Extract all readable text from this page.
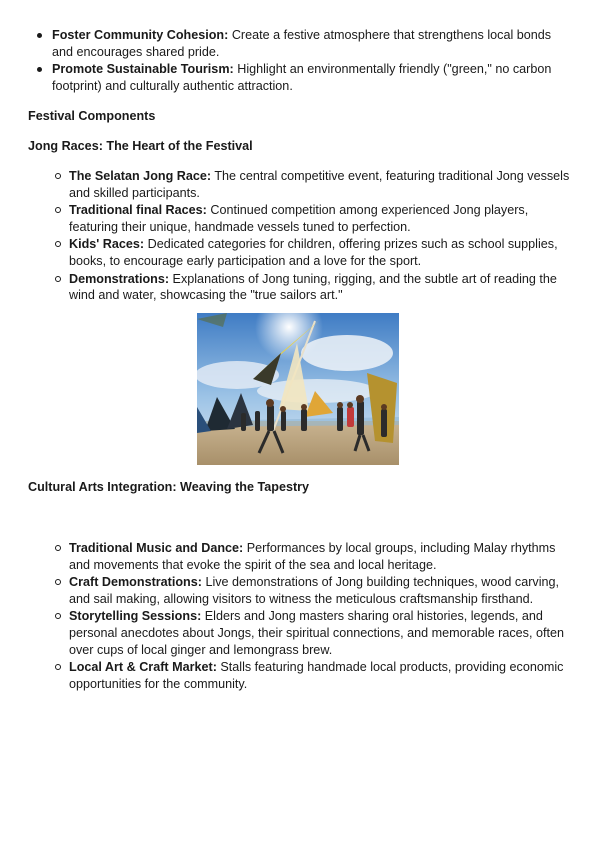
Foster Community Cohesion: Create a festive atmosphere that strengthens local bonds and encourages shared pride.
Promote Sustainable Tourism: Highlight an environmentally friendly ("green," no carbon footprint) and culturally authentic attraction.
Festival Components
Jong Races: The Heart of the Festival
The Selatan Jong Race: The central competitive event, featuring traditional Jong vessels and skilled participants.
Traditional final Races: Continued competition among experienced Jong players, featuring their unique, handmade vessels tuned to perfection.
Kids' Races: Dedicated categories for children, offering prizes such as school supplies, books, to encourage early participation and a love for the sport.
Demonstrations: Explanations of Jong tuning, rigging, and the subtle art of reading the wind and water, showcasing the "true sailors art."
Cultural Arts Integration: Weaving the Tapestry
Traditional Music and Dance: Performances by local groups, including Malay rhythms and movements that evoke the spirit of the sea and local heritage.
Craft Demonstrations: Live demonstrations of Jong building techniques, wood carving, and sail making, allowing visitors to witness the meticulous craftsmanship firsthand.
Storytelling Sessions: Elders and Jong masters sharing oral histories, legends, and personal anecdotes about Jongs, their spiritual connections, and memorable races, often over cups of local ginger and lemongrass brew.
Local Art & Craft Market: Stalls featuring handmade local products, providing economic opportunities for the community.
